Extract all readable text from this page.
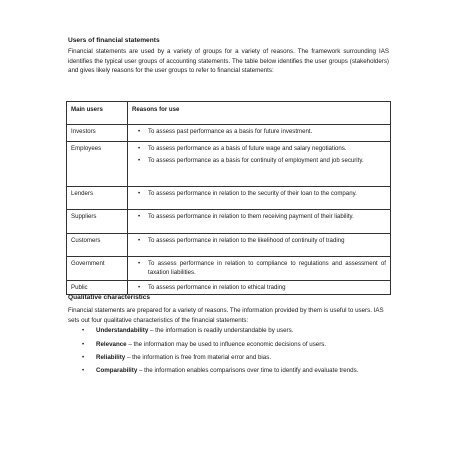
Users of financial statements
Financial statements are used by a variety of groups for a variety of reasons. The framework surrounding IAS identifies the typical user groups of accounting statements. The table below identifies the user groups (stakeholders) and gives likely reasons for the user groups to refer to financial statements:
Main users	Reasons for use
Investors	• To assess past performance as a basis for future investment.

Employees	• To assess performance as a basis of future wage and salary negotiations.
• To assess performance as a basis for continuity of employment and job security.

Lenders	• To assess performance in relation to the security of their loan to the company.

Suppliers	• To assess performance in relation to them receiving payment of their liability.

Customers	• To assess performance in relation to the likelihood of continuity of trading

Government	• To assess performance in relation to compliance to regulations and assessment of taxation liabilities.

Public	• To assess performance in relation to ethical trading
Qualitative characteristics
Financial statements are prepared for a variety of reasons. The information provided by them is useful to users. IAS sets out four qualitative characteristics of the financial statements:
•	Understandability – the information is readily understandable by users.
•	Relevance – the information may be used to influence economic decisions of users.
•	Reliability – the information is free from material error and bias.
•	Comparability – the information enables comparisons over time to identify and evaluate trends.
